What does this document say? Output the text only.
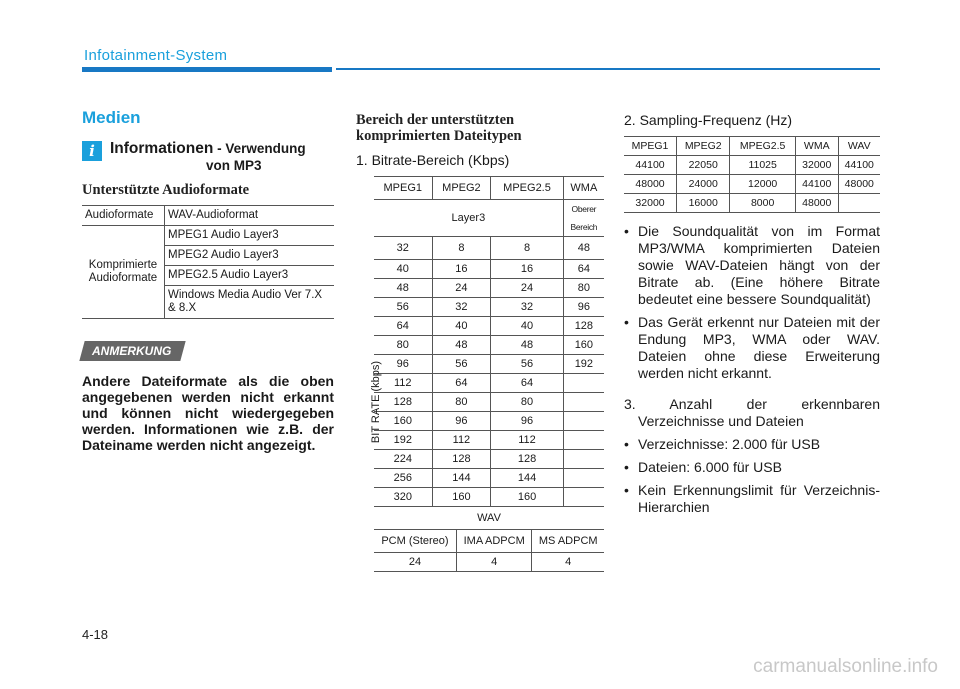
Infotainment-System
Medien
i Informationen - Verwendung

von MP3
Unterstützte Audioformate
Audioformate	WAV-Audioformat
Komprimierte
Audioformate	MPEG1 Audio Layer3
	MPEG2 Audio Layer3
	MPEG2.5 Audio Layer3
	Windows Media Audio Ver 7.X & 8.X
ANMERKUNG
Andere Dateiformate als die oben angegebenen werden nicht erkannt und können nicht wiedergegeben werden. Informationen wie z.B. der Dateiname werden nicht angezeigt.
Bereich der unterstützten komprimierten Dateitypen
1. Bitrate-Bereich (Kbps)
BIT RATE (kbps)
MPEG1	MPEG2	MPEG2.5	WMA
Layer3			Oberer
Bereich
32	8	8	48
40	16	16	64
48	24	24	80
56	32	32	96
64	40	40	128
80	48	48	160
96	56	56	192
112	64	64	
128	80	80	
160	96	96	
192	112	112	
224	128	128	
256	144	144	
320	160	160	
WAV			
PCM (Stereo)	IMA ADPCM	MS ADPCM
24	4	4
2. Sampling-Frequenz (Hz)
MPEG1	MPEG2	MPEG2.5	WMA	WAV
44100	22050	11025	32000	44100
48000	24000	12000	44100	48000
32000	16000	8000	48000	
• Die Soundqualität von im Format MP3/WMA komprimierten Dateien sowie WAV-Dateien hängt von der Bitrate ab. (Eine höhere Bitrate bedeutet eine bessere Soundqualität)
• Das Gerät erkennt nur Dateien mit der Endung MP3, WMA oder WAV. Dateien ohne diese Erweiterung werden nicht erkannt.
3. Anzahl der erkennbaren
Verzeichnisse und Dateien
• Verzeichnisse: 2.000 für USB
• Dateien: 6.000 für USB
• Kein Erkennungslimit für Verzeichnis-Hierarchien
4-18
carmanualsonline.info
